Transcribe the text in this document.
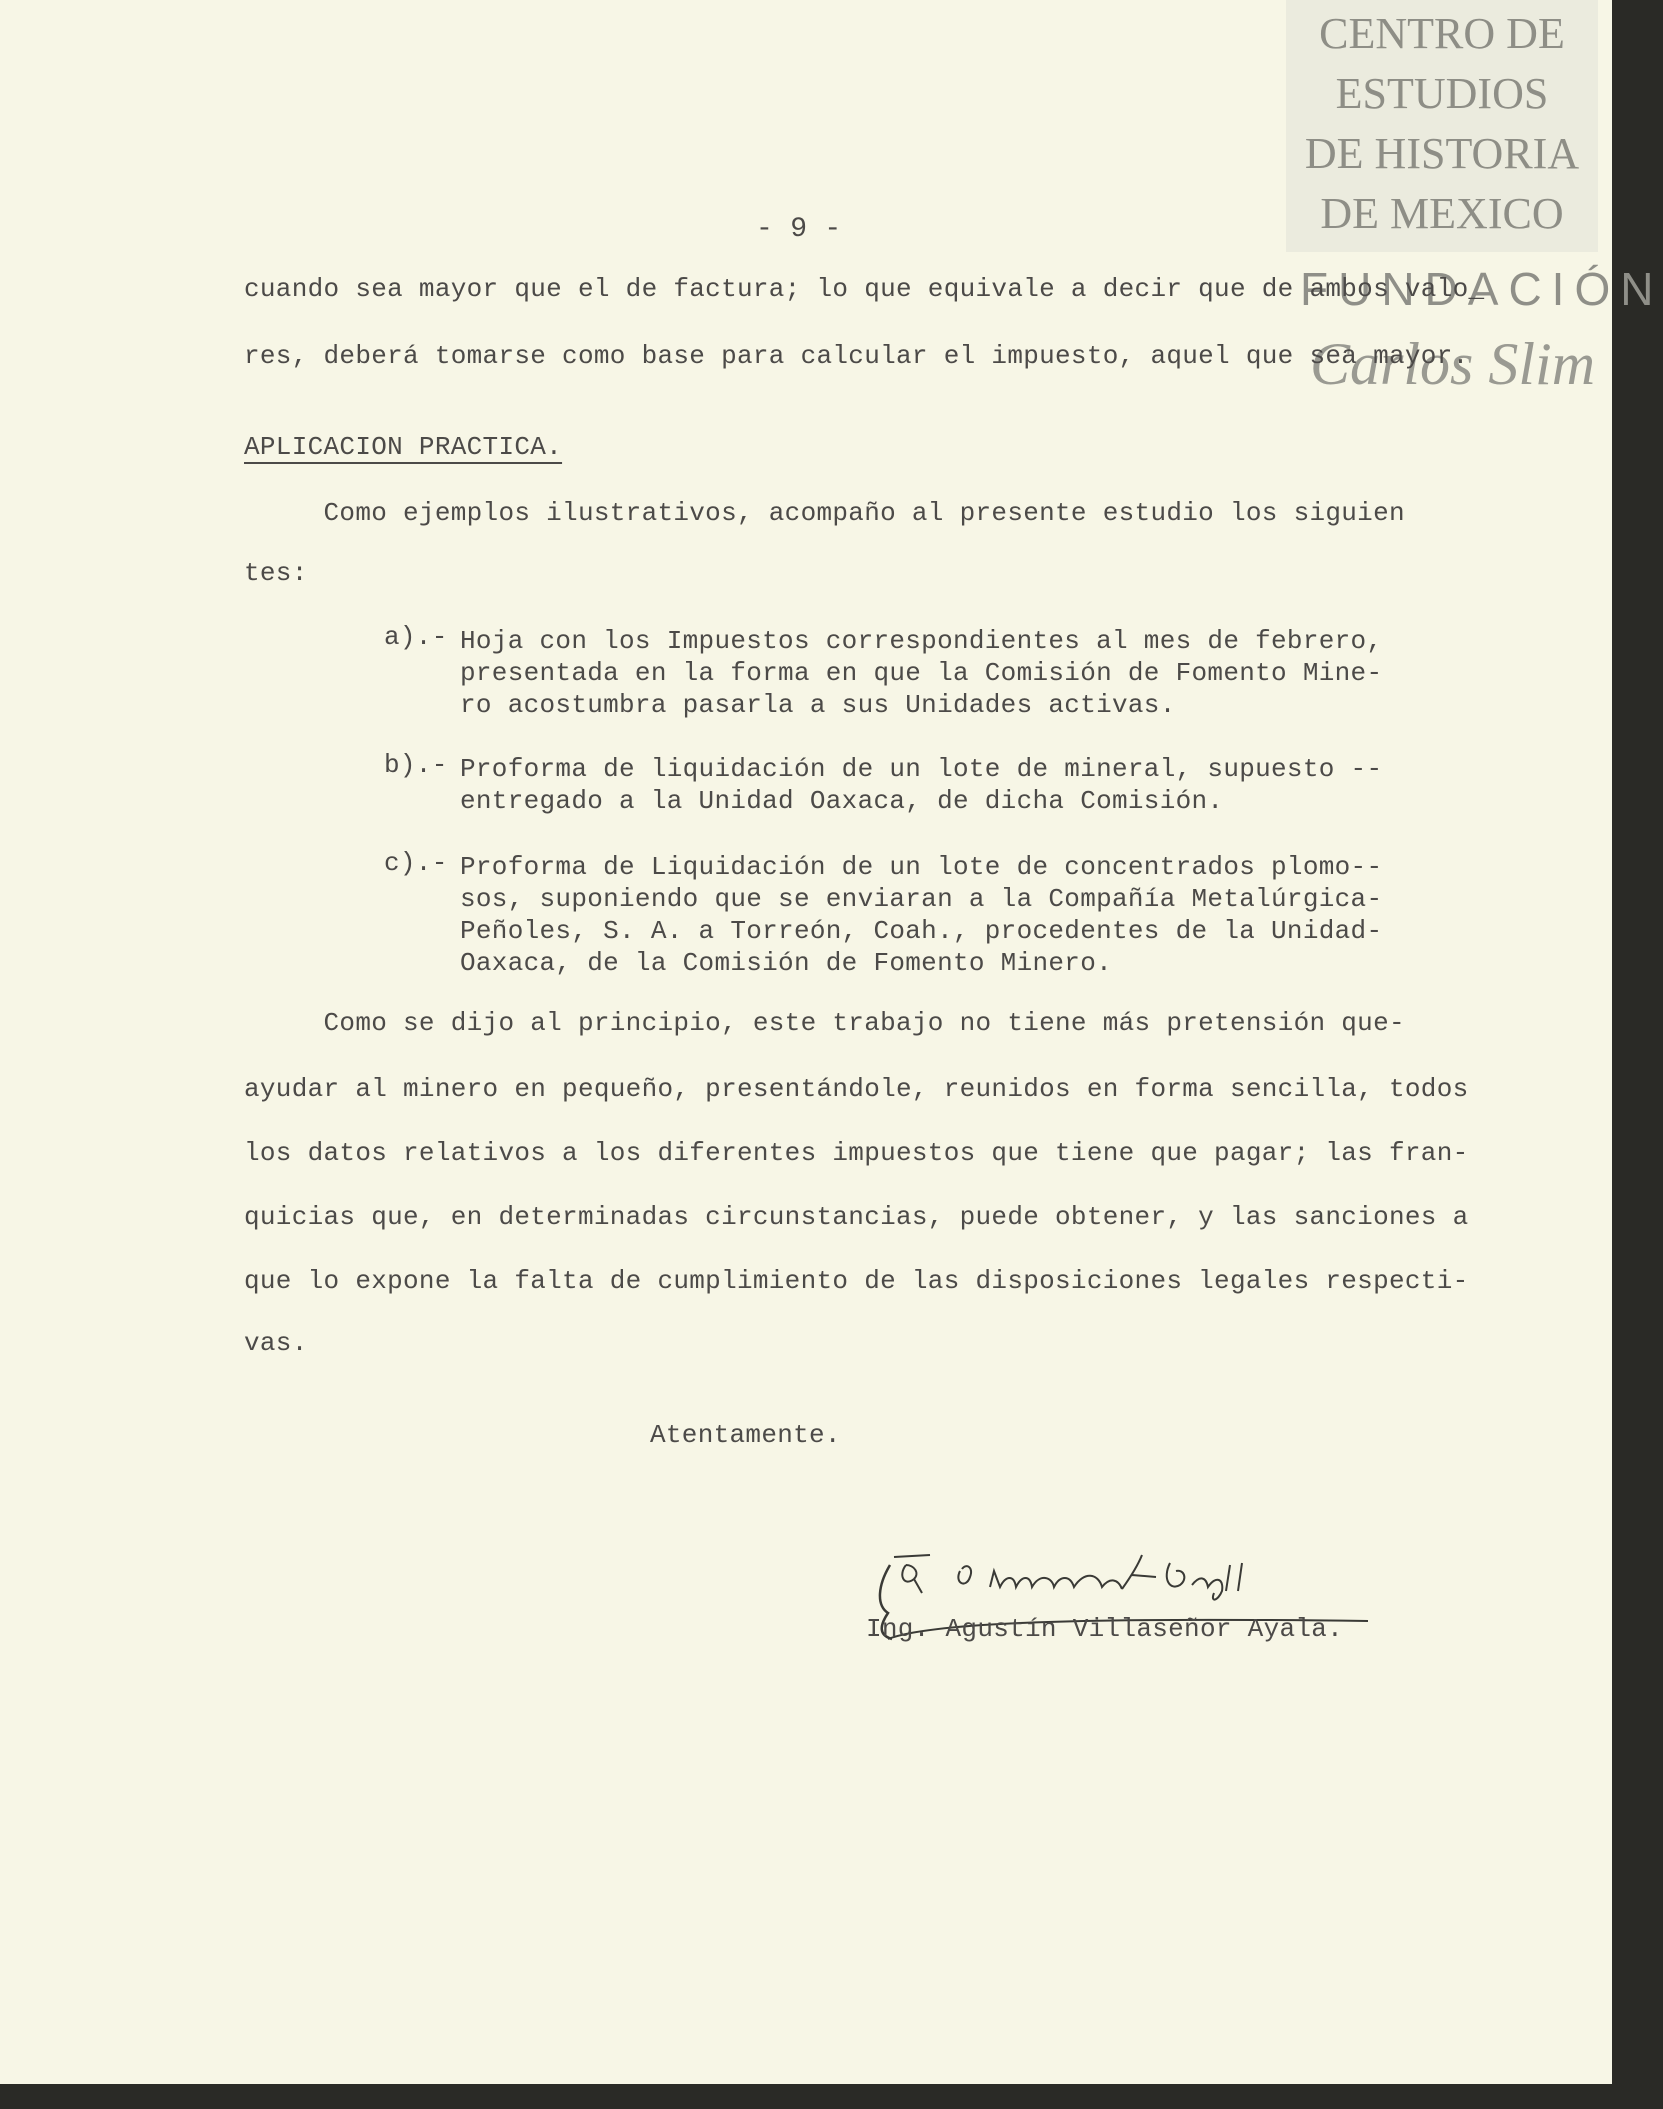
CENTRO DE
ESTUDIOS
DE HISTORIA
DE MEXICO
FUNDACIÓN
Carlos Slim
- 9 -
cuando sea mayor que el de factura; lo que equivale a decir que de ambos valo_
res, deberá tomarse como base para calcular el impuesto, aquel que sea mayor.
APLICACION PRACTICA.
Como ejemplos ilustrativos, acompaño al presente estudio los siguien
tes:
a).- Hoja con los Impuestos correspondientes al mes de febrero,
presentada en la forma en que la Comisión de Fomento Mine-
ro acostumbra pasarla a sus Unidades activas.
b).- Proforma de liquidación de un lote de mineral, supuesto --
entregado a la Unidad Oaxaca, de dicha Comisión.
c).- Proforma de Liquidación de un lote de concentrados plomo--
sos, suponiendo que se enviaran a la Compañía Metalúrgica-
Peñoles, S. A. a Torreón, Coah., procedentes de la Unidad-
Oaxaca, de la Comisión de Fomento Minero.
Como se dijo al principio, este trabajo no tiene más pretensión que-
ayudar al minero en pequeño, presentándole, reunidos en forma sencilla, todos
los datos relativos a los diferentes impuestos que tiene que pagar; las fran-
quicias que, en determinadas circunstancias, puede obtener, y las sanciones a
que lo expone la falta de cumplimiento de las disposiciones legales respecti-
vas.
Atentamente.
Ing. Agustín Villaseñor Ayala.
